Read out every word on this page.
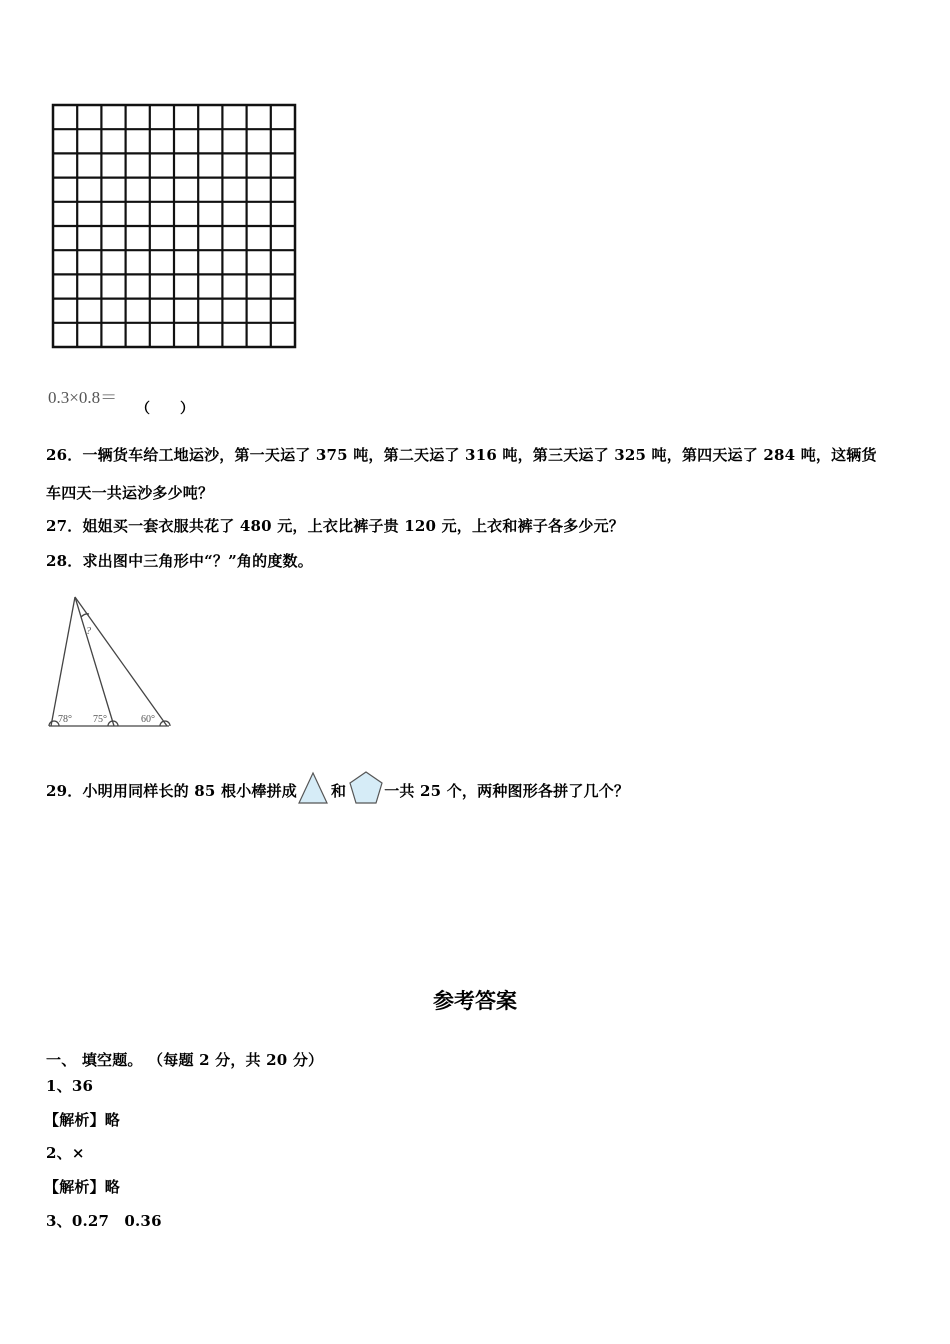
0.3×0.8＝
（　）
26．一辆货车给工地运沙，第一天运了 375 吨，第二天运了 316 吨，第三天运了 325 吨，第四天运了 284 吨，这辆货
车四天一共运沙多少吨？
27．姐姐买一套衣服共花了 480 元，上衣比裤子贵 120 元，上衣和裤子各多少元？
28．求出图中三角形中“？”角的度数。
?
78° 75°	60°
29．小明用同样长的 85 根小棒拼成 和	一共 25 个，两种图形各拼了几个？
参考答案
一、 填空题。 （每题 2 分，共 20 分）
1、36
【解析】略
2、×
【解析】略
3、0.27　0.36
